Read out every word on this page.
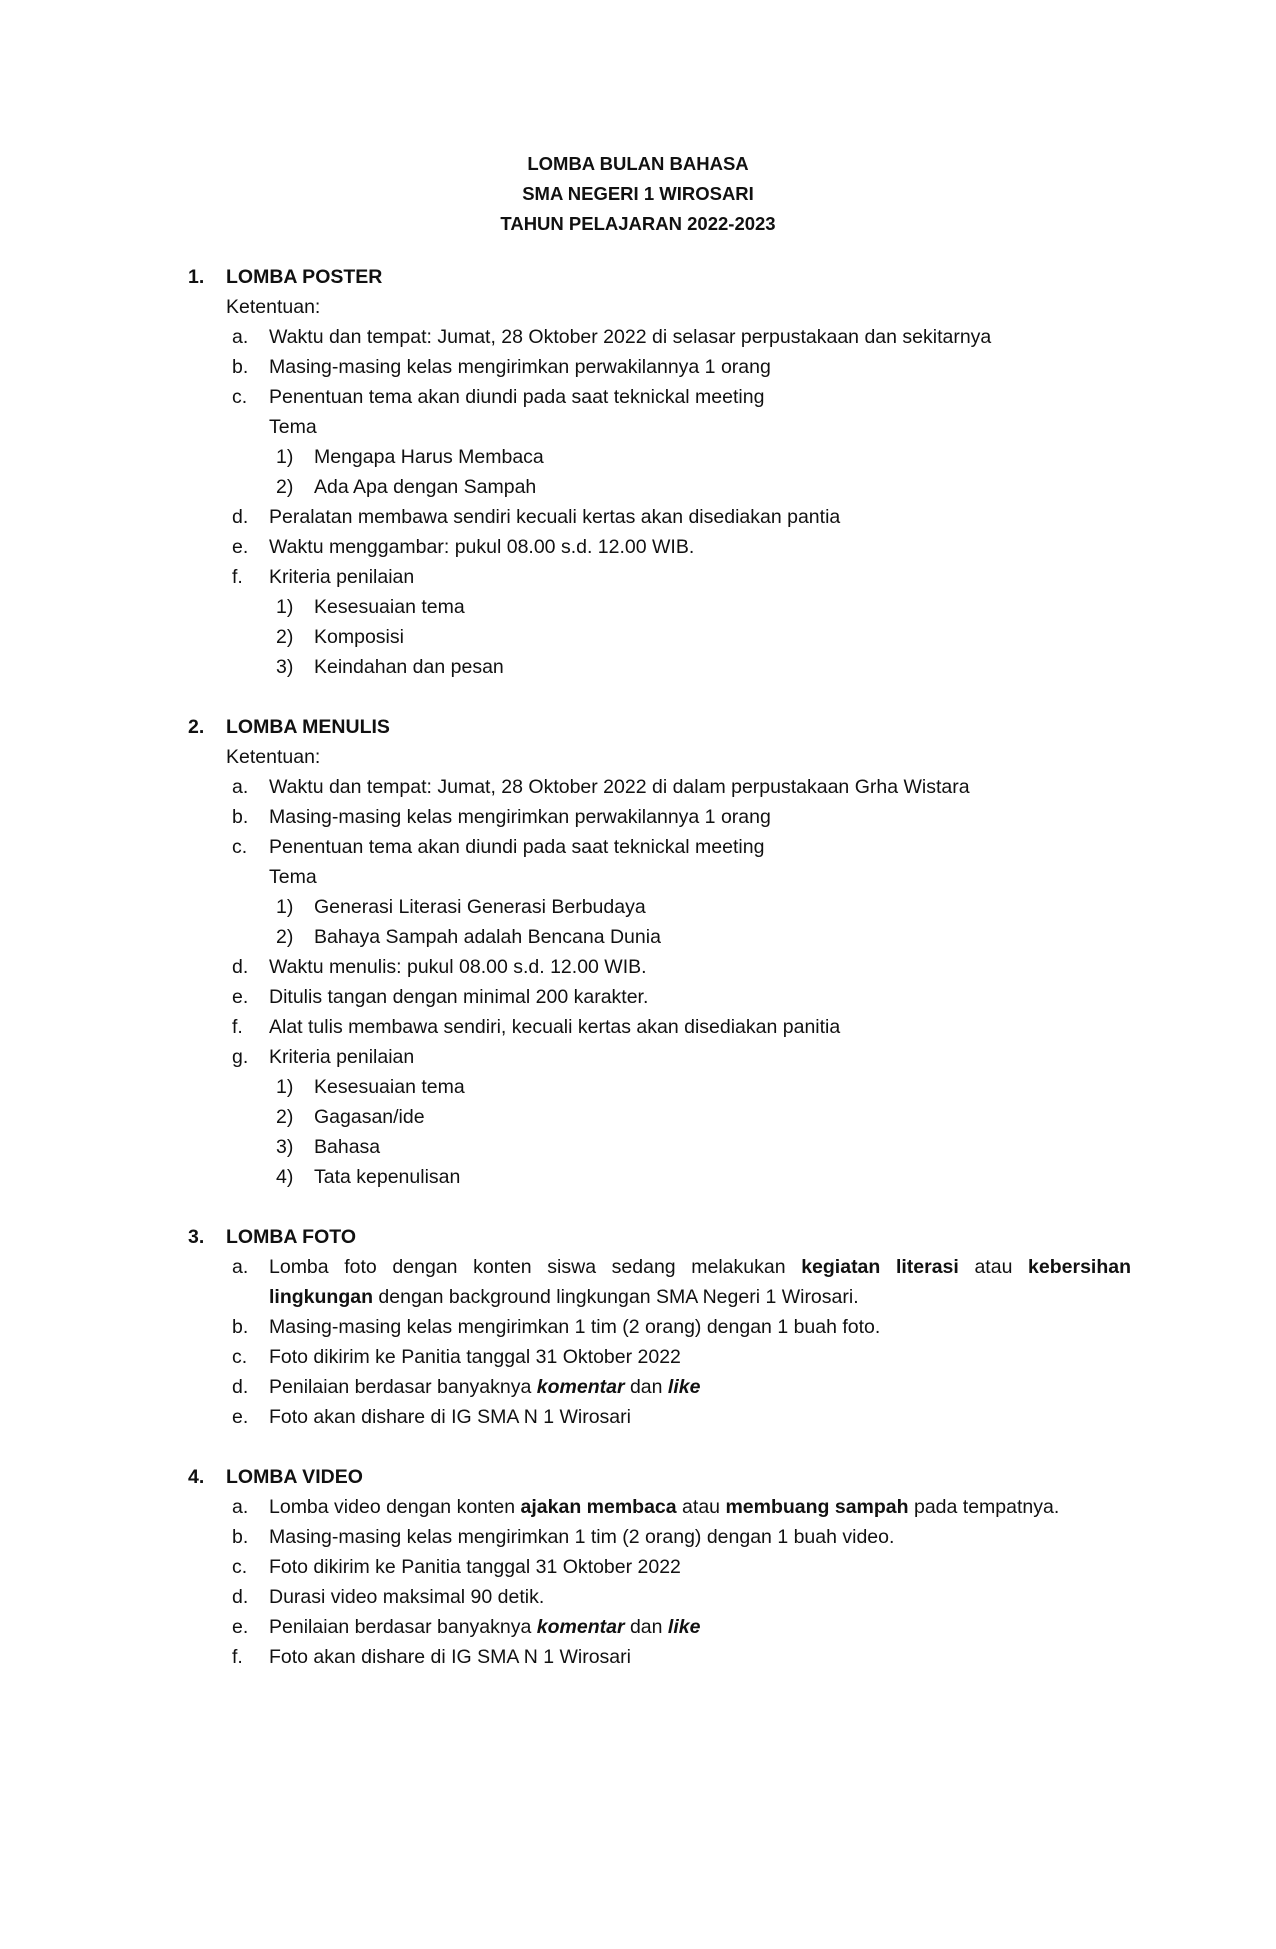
LOMBA BULAN BAHASA
SMA NEGERI 1 WIROSARI
TAHUN PELAJARAN 2022-2023
1. LOMBA POSTER
Ketentuan:
a. Waktu dan tempat: Jumat, 28 Oktober 2022 di selasar perpustakaan dan sekitarnya
b. Masing-masing kelas mengirimkan perwakilannya 1 orang
c. Penentuan tema akan diundi pada saat teknickal meeting
Tema
1) Mengapa Harus Membaca
2) Ada Apa dengan Sampah
d. Peralatan membawa sendiri kecuali kertas akan disediakan pantia
e. Waktu menggambar: pukul 08.00 s.d. 12.00 WIB.
f. Kriteria penilaian
1) Kesesuaian tema
2) Komposisi
3) Keindahan dan pesan
2. LOMBA MENULIS
Ketentuan:
a. Waktu dan tempat: Jumat, 28 Oktober 2022 di dalam perpustakaan Grha Wistara
b. Masing-masing kelas mengirimkan perwakilannya 1 orang
c. Penentuan tema akan diundi pada saat teknickal meeting
Tema
1) Generasi Literasi Generasi Berbudaya
2) Bahaya Sampah adalah Bencana Dunia
d. Waktu menulis: pukul 08.00 s.d. 12.00 WIB.
e. Ditulis tangan dengan minimal 200 karakter.
f. Alat tulis membawa sendiri, kecuali kertas akan disediakan panitia
g. Kriteria penilaian
1) Kesesuaian tema
2) Gagasan/ide
3) Bahasa
4) Tata kepenulisan
3. LOMBA FOTO
a. Lomba foto dengan konten siswa sedang melakukan kegiatan literasi atau kebersihan lingkungan dengan background lingkungan SMA Negeri 1 Wirosari.
b. Masing-masing kelas mengirimkan 1 tim (2 orang) dengan 1 buah foto.
c. Foto dikirim ke Panitia tanggal 31 Oktober 2022
d. Penilaian berdasar banyaknya komentar dan like
e. Foto akan dishare di IG SMA N 1 Wirosari
4. LOMBA VIDEO
a. Lomba video dengan konten ajakan membaca atau membuang sampah pada tempatnya.
b. Masing-masing kelas mengirimkan 1 tim (2 orang) dengan 1 buah video.
c. Foto dikirim ke Panitia tanggal 31 Oktober 2022
d. Durasi video maksimal 90 detik.
e. Penilaian berdasar banyaknya komentar dan like
f. Foto akan dishare di IG SMA N 1 Wirosari
